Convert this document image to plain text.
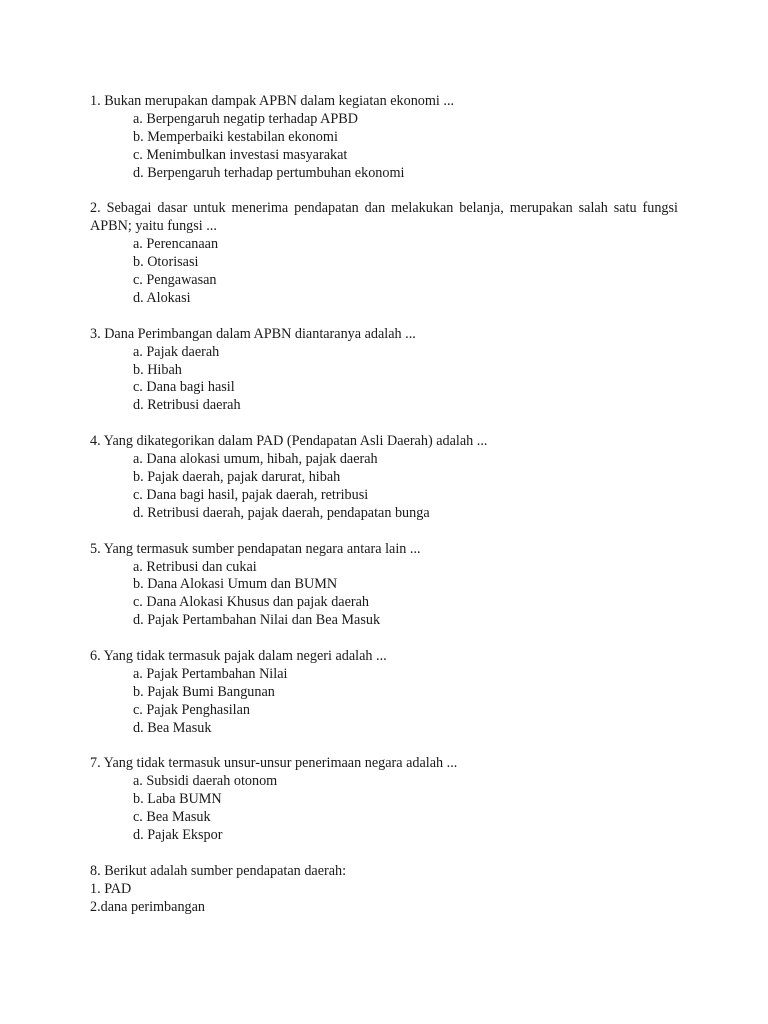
1. Bukan merupakan dampak APBN dalam kegiatan ekonomi ...

a. Berpengaruh negatip terhadap APBD
b. Memperbaiki kestabilan ekonomi
c. Menimbulkan investasi masyarakat
d. Berpengaruh terhadap pertumbuhan ekonomi

2. Sebagai dasar untuk menerima pendapatan dan melakukan belanja, merupakan salah satu fungsi APBN; yaitu fungsi ...

a. Perencanaan
b. Otorisasi
c. Pengawasan
d. Alokasi

3. Dana Perimbangan dalam APBN diantaranya adalah ...

a. Pajak daerah
b. Hibah
c. Dana bagi hasil
d. Retribusi daerah

4. Yang dikategorikan dalam PAD (Pendapatan Asli Daerah) adalah ...

a. Dana alokasi umum, hibah, pajak daerah
b. Pajak daerah, pajak darurat, hibah
c. Dana bagi hasil, pajak daerah, retribusi
d. Retribusi daerah, pajak daerah, pendapatan bunga

5. Yang termasuk sumber pendapatan negara antara lain ...

a. Retribusi dan cukai
b. Dana Alokasi Umum dan BUMN
c. Dana Alokasi Khusus dan pajak daerah
d. Pajak Pertambahan Nilai dan Bea Masuk

6. Yang tidak termasuk pajak dalam negeri adalah ...

a. Pajak Pertambahan Nilai
b. Pajak Bumi Bangunan
c. Pajak Penghasilan
d. Bea Masuk

7. Yang tidak termasuk unsur-unsur penerimaan negara adalah ...

a. Subsidi daerah otonom
b. Laba BUMN
c. Bea Masuk
d. Pajak Ekspor

8. Berikut adalah sumber pendapatan daerah:

1. PAD
2.dana perimbangan
